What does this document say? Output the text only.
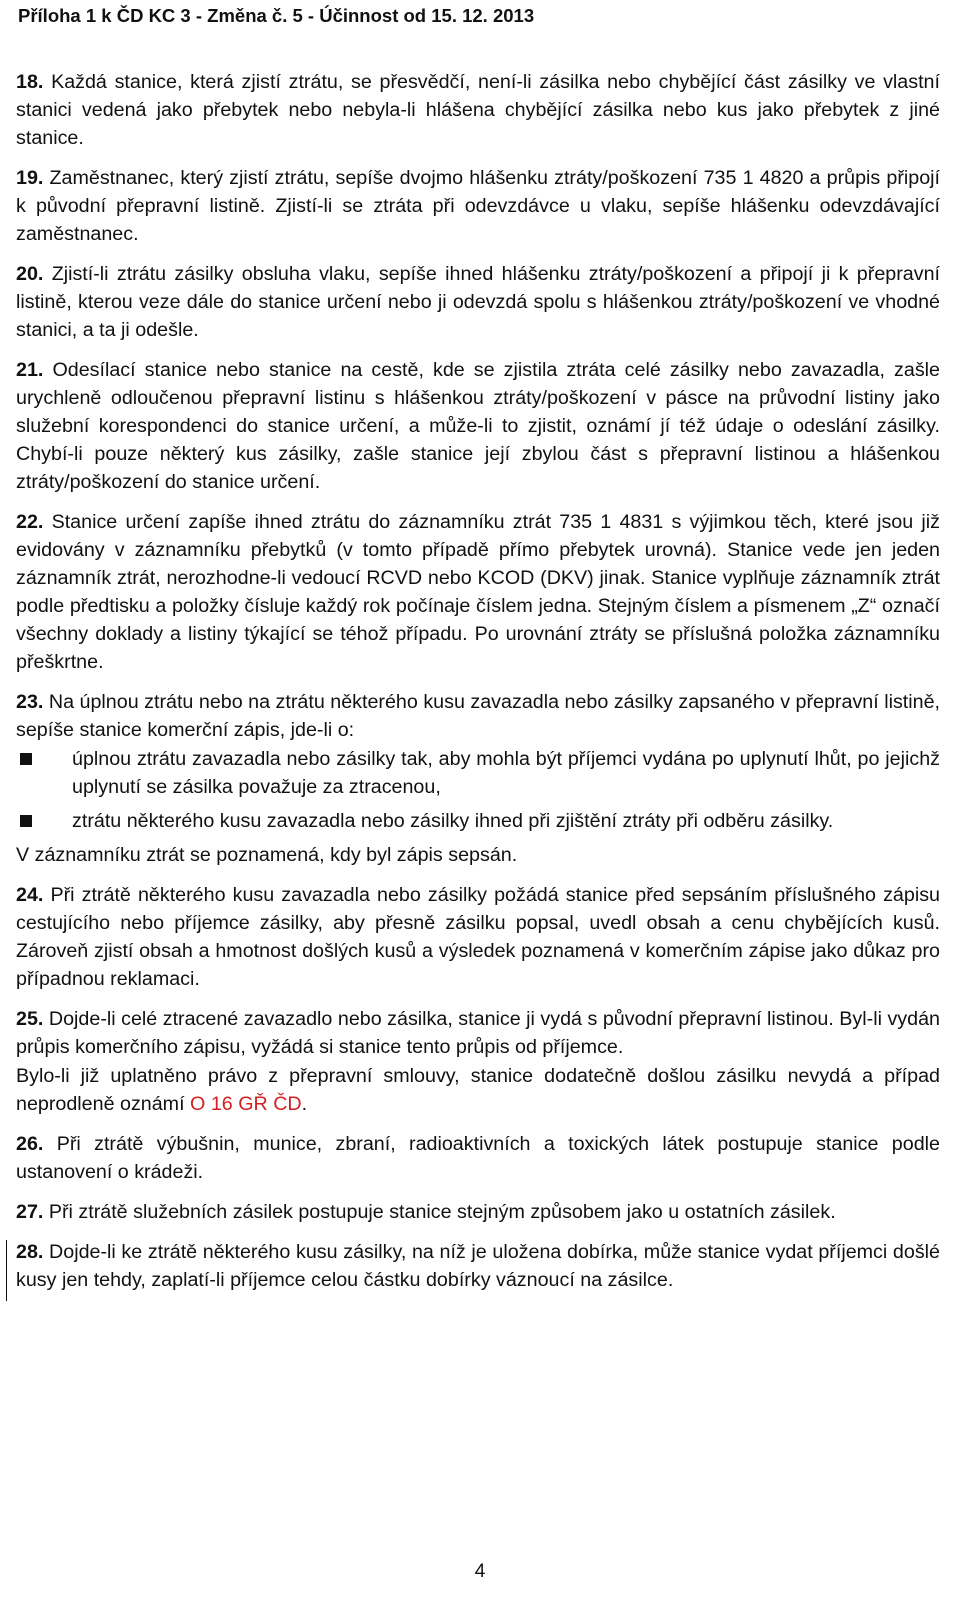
Příloha 1 k ČD KC 3 - Změna č. 5 - Účinnost od 15. 12. 2013

18. Každá stanice, která zjistí ztrátu, se přesvědčí, není-li zásilka nebo chybějící část zásilky ve vlastní stanici vedená jako přebytek nebo nebyla-li hlášena chybějící zásilka nebo kus jako přebytek z jiné stanice.

19. Zaměstnanec, který zjistí ztrátu, sepíše dvojmo hlášenku ztráty/poškození 735 1 4820 a průpis připojí k původní přepravní listině. Zjistí-li se ztráta při odevzdávce u vlaku, sepíše hlášenku odevzdávající zaměstnanec.

20. Zjistí-li ztrátu zásilky obsluha vlaku, sepíše ihned hlášenku ztráty/poškození a připojí ji k přepravní listině, kterou veze dále do stanice určení nebo ji odevzdá spolu s hlášenkou ztráty/poškození ve vhodné stanici, a ta ji odešle.

21. Odesílací stanice nebo stanice na cestě, kde se zjistila ztráta celé zásilky nebo zavazadla, zašle urychleně odloučenou přepravní listinu s hlášenkou ztráty/poškození v pásce na průvodní listiny jako služební korespondenci do stanice určení, a může-li to zjistit, oznámí jí též údaje o odeslání zásilky. Chybí-li pouze některý kus zásilky, zašle stanice její zbylou část s přepravní listinou a hlášenkou ztráty/poškození do stanice určení.

22. Stanice určení zapíše ihned ztrátu do záznamníku ztrát 735 1 4831 s výjimkou těch, které jsou již evidovány v záznamníku přebytků (v tomto případě přímo přebytek urovná). Stanice vede jen jeden záznamník ztrát, nerozhodne-li vedoucí RCVD nebo KCOD (DKV) jinak. Stanice vyplňuje záznamník ztrát podle předtisku a položky čísluje každý rok počínaje číslem jedna. Stejným číslem a písmenem „Z“ označí všechny doklady a listiny týkající se téhož případu. Po urovnání ztráty se příslušná položka záznamníku přeškrtne.

23. Na úplnou ztrátu nebo na ztrátu některého kusu zavazadla nebo zásilky zapsaného v přepravní listině, sepíše stanice komerční zápis, jde-li o:

úplnou ztrátu zavazadla nebo zásilky tak, aby mohla být příjemci vydána po uplynutí lhůt, po jejichž uplynutí se zásilka považuje za ztracenou,
ztrátu některého kusu zavazadla nebo zásilky ihned při zjištění ztráty při odběru zásilky.

V záznamníku ztrát se poznamená, kdy byl zápis sepsán.

24. Při ztrátě některého kusu zavazadla nebo zásilky požádá stanice před sepsáním příslušného zápisu cestujícího nebo příjemce zásilky, aby přesně zásilku popsal, uvedl obsah a cenu chybějících kusů. Zároveň zjistí obsah a hmotnost došlých kusů a výsledek poznamená v komerčním zápise jako důkaz pro případnou reklamaci.

25. Dojde-li celé ztracené zavazadlo nebo zásilka, stanice ji vydá s původní přepravní listinou. Byl-li vydán průpis komerčního zápisu, vyžádá si stanice tento průpis od příjemce.

Bylo-li již uplatněno právo z přepravní smlouvy, stanice dodatečně došlou zásilku nevydá a případ neprodleně oznámí O 16 GŘ ČD.

26. Při ztrátě výbušnin, munice, zbraní, radioaktivních a toxických látek postupuje stanice podle ustanovení o krádeži.

27. Při ztrátě služebních zásilek postupuje stanice stejným způsobem jako u ostatních zásilek.

28. Dojde-li ke ztrátě některého kusu zásilky, na níž je uložena dobírka, může stanice vydat příjemci došlé kusy jen tehdy, zaplatí-li příjemce celou částku dobírky váznoucí na zásilce.

4
